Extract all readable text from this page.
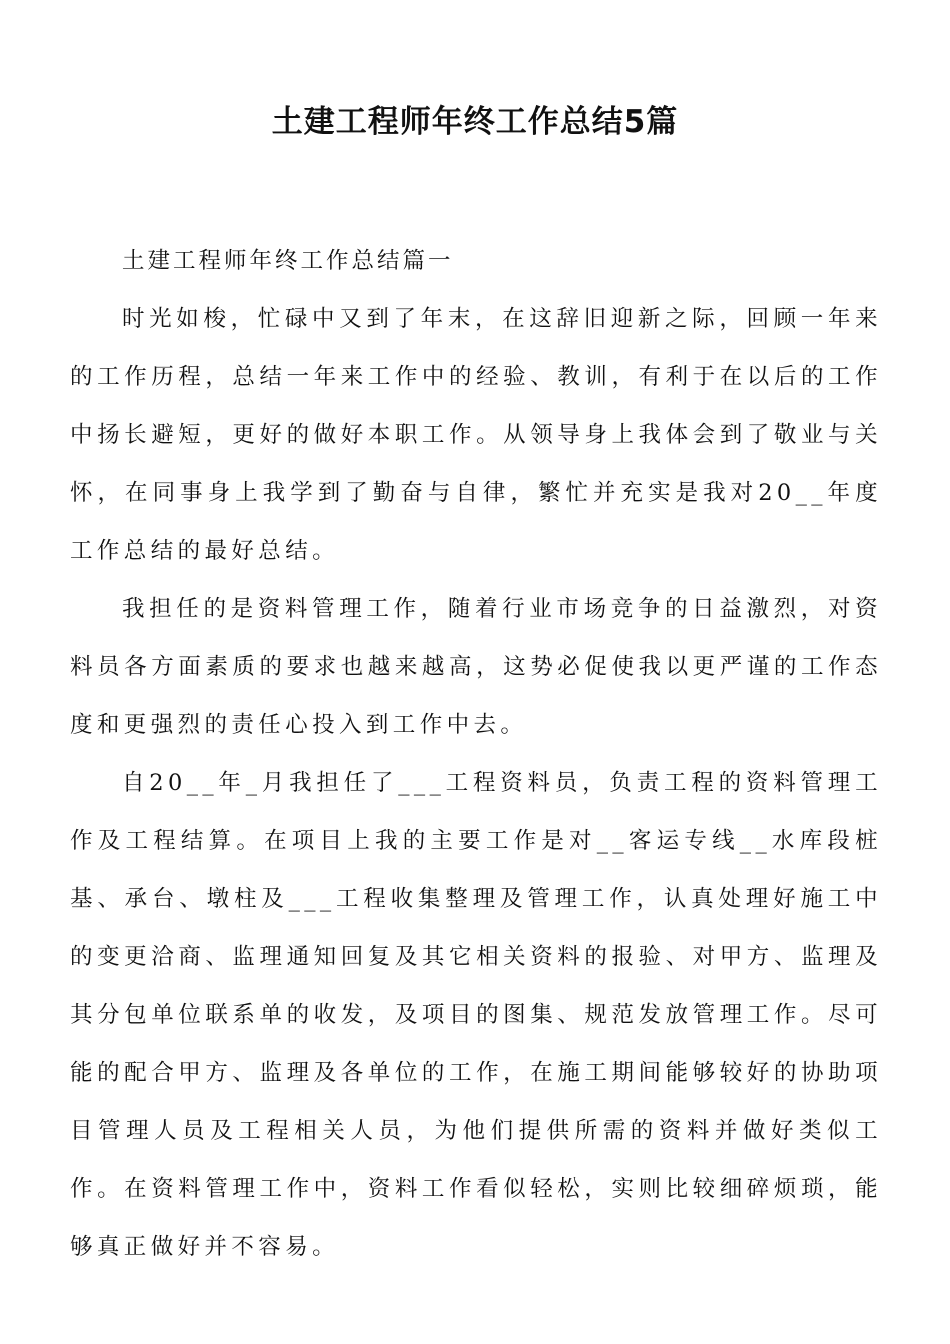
土建工程师年终工作总结5篇

土建工程师年终工作总结篇一

时光如梭，忙碌中又到了年末，在这辞旧迎新之际，回顾一年来的工作历程，总结一年来工作中的经验、教训，有利于在以后的工作中扬长避短，更好的做好本职工作。从领导身上我体会到了敬业与关怀，在同事身上我学到了勤奋与自律，繁忙并充实是我对20__年度工作总结的最好总结。

我担任的是资料管理工作，随着行业市场竞争的日益激烈，对资料员各方面素质的要求也越来越高，这势必促使我以更严谨的工作态度和更强烈的责任心投入到工作中去。

自20__年_月我担任了___工程资料员，负责工程的资料管理工作及工程结算。在项目上我的主要工作是对__客运专线__水库段桩基、承台、墩柱及___工程收集整理及管理工作，认真处理好施工中的变更洽商、监理通知回复及其它相关资料的报验、对甲方、监理及其分包单位联系单的收发，及项目的图集、规范发放管理工作。尽可能的配合甲方、监理及各单位的工作，在施工期间能够较好的协助项目管理人员及工程相关人员，为他们提供所需的资料并做好类似工作。在资料管理工作中，资料工作看似轻松，实则比较细碎烦琐，能够真正做好并不容易。
